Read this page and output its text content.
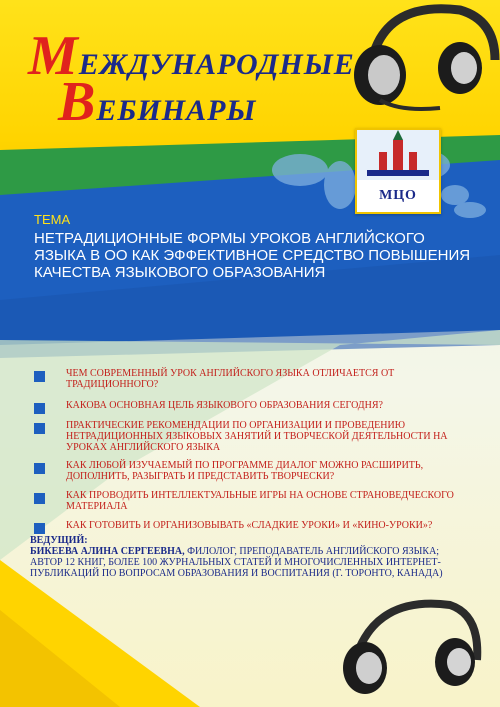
МЕЖДУНАРОДНЫЕ
ВЕБИНАРЫ
МЦО
ТЕМА
НЕТРАДИЦИОННЫЕ ФОРМЫ УРОКОВ АНГЛИЙСКОГО ЯЗЫКА В ОО КАК ЭФФЕКТИВНОЕ СРЕДСТВО ПОВЫШЕНИЯ КАЧЕСТВА ЯЗЫКОВОГО ОБРАЗОВАНИЯ
ЧЕМ СОВРЕМЕННЫЙ УРОК АНГЛИЙСКОГО ЯЗЫКА ОТЛИЧАЕТСЯ ОТ ТРАДИЦИОННОГО?
КАКОВА ОСНОВНАЯ ЦЕЛЬ ЯЗЫКОВОГО ОБРАЗОВАНИЯ СЕГОДНЯ?
ПРАКТИЧЕСКИЕ РЕКОМЕНДАЦИИ ПО ОРГАНИЗАЦИИ И ПРОВЕДЕНИЮ НЕТРАДИЦИОННЫХ ЯЗЫКОВЫХ ЗАНЯТИЙ И ТВОРЧЕСКОЙ ДЕЯТЕЛЬНОСТИ НА УРОКАХ АНГЛИЙСКОГО ЯЗЫКА
КАК ЛЮБОЙ ИЗУЧАЕМЫЙ ПО ПРОГРАММЕ ДИАЛОГ МОЖНО РАСШИРИТЬ, ДОПОЛНИТЬ, РАЗЫГРАТЬ И ПРЕДСТАВИТЬ ТВОРЧЕСКИ?
КАК ПРОВОДИТЬ ИНТЕЛЛЕКТУАЛЬНЫЕ ИГРЫ НА ОСНОВЕ СТРАНОВЕДЧЕСКОГО МАТЕРИАЛА
КАК ГОТОВИТЬ И ОРГАНИЗОВЫВАТЬ «СЛАДКИЕ УРОКИ» И «КИНО-УРОКИ»?
ВЕДУЩИЙ:
БИКЕЕВА АЛИНА СЕРГЕЕВНА, ФИЛОЛОГ, ПРЕПОДАВАТЕЛЬ АНГЛИЙСКОГО ЯЗЫКА; АВТОР 12 КНИГ, БОЛЕЕ 100 ЖУРНАЛЬНЫХ СТАТЕЙ И МНОГОЧИСЛЕННЫХ ИНТЕРНЕТ-ПУБЛИКАЦИЙ ПО ВОПРОСАМ ОБРАЗОВАНИЯ И ВОСПИТАНИЯ (Г. ТОРОНТО, КАНАДА)
